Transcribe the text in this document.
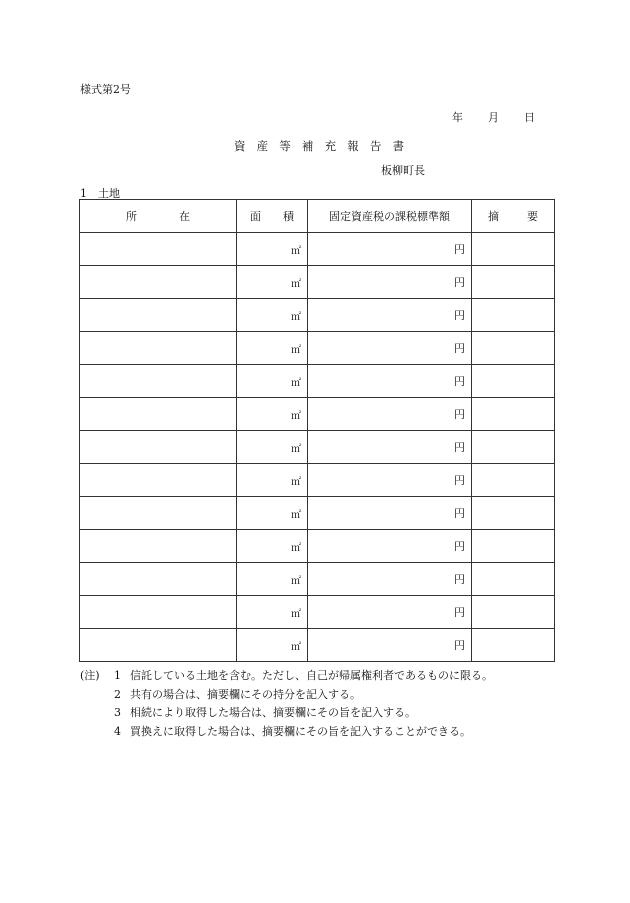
様式第2号
年 月 日
資 産 等 補 充 報 告 書
板柳町長
1　土地
所 在	面 積	固定資産税の課税標準額	摘 要

	㎡	円	
	㎡	円	
	㎡	円	
	㎡	円	
	㎡	円	
	㎡	円	
	㎡	円	
	㎡	円	
	㎡	円	
	㎡	円	
	㎡	円	
	㎡	円	
	㎡	円	
(注)	1 信託している土地を含む。ただし、自己が帰属権利者であるものに限る。
2 共有の場合は、摘要欄にその持分を記入する。
3 相続により取得した場合は、摘要欄にその旨を記入する。
4 買換えに取得した場合は、摘要欄にその旨を記入することができる。
